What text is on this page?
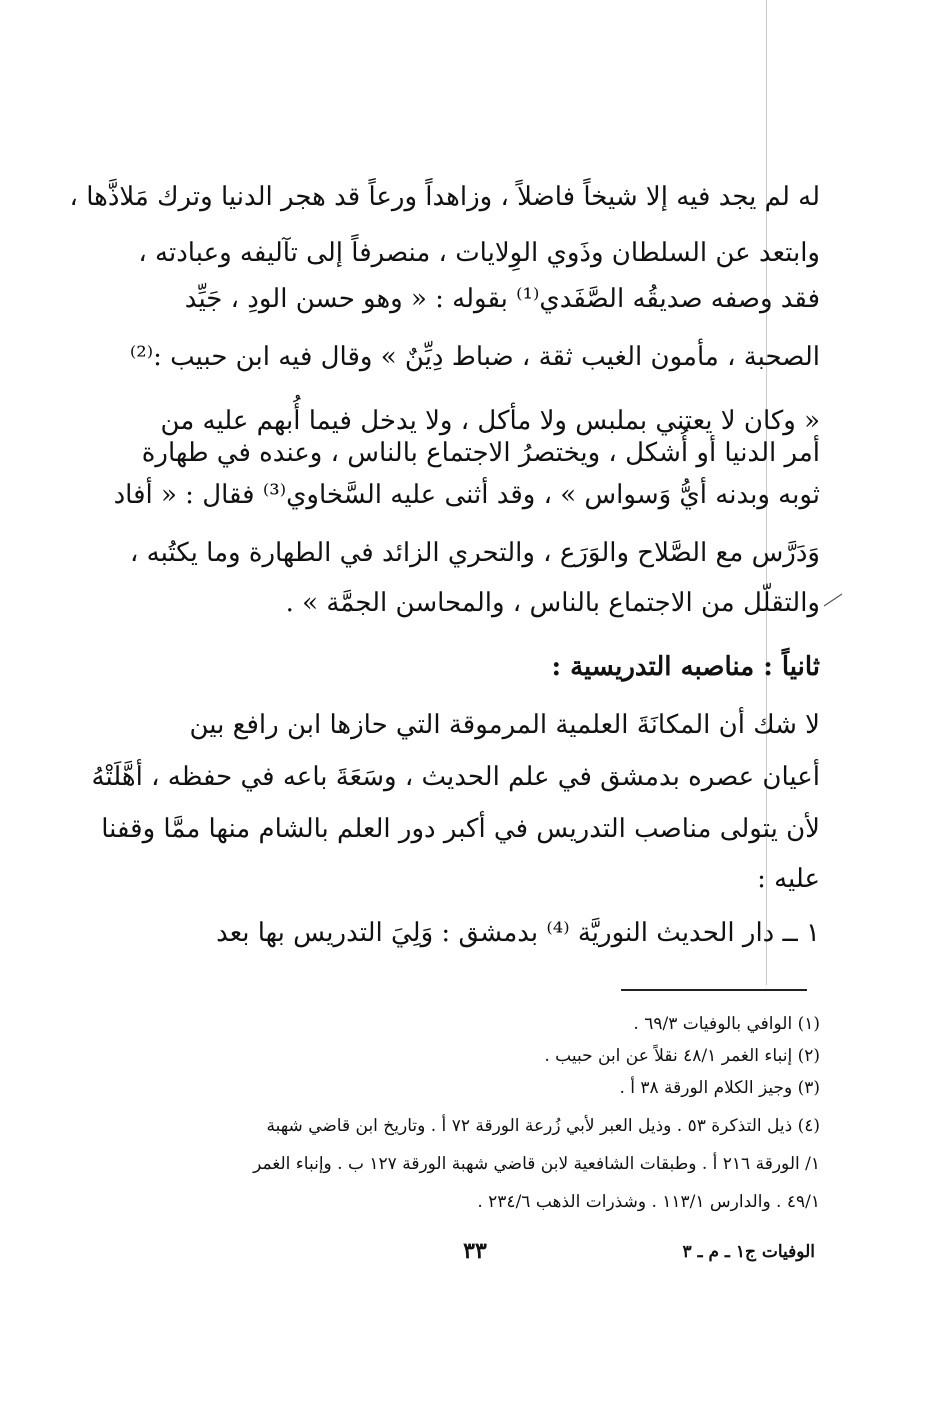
له لم يجد فيه إلا شيخاً فاضلاً ، وزاهداً ورعاً قد هجر الدنيا وترك مَلاذَّها ،
وابتعد عن السلطان وذَوي الوِلايات ، منصرفاً إلى تآليفه وعبادته ،
فقد وصفه صديقُه الصَّفَدي⁽¹⁾ بقوله : « وهو حسن الودِ ، جَيِّد
الصحبة ، مأمون الغيب ثقة ، ضباط دِيِّنٌ » وقال فيه ابن حبيب :⁽²⁾
« وكان لا يعتني بملبس ولا مأكل ، ولا يدخل فيما أُبهم عليه من
أمر الدنيا أو أُشكل ، ويختصرُ الاجتماع بالناس ، وعنده في طهارة
ثوبه وبدنه أيُّ وَسواس » ، وقد أثنى عليه السَّخاوي⁽³⁾ فقال : « أفاد
وَدَرَّس مع الصَّلاح والوَرَع ، والتحري الزائد في الطهارة وما يكتُبه ،
والتقلّل من الاجتماع بالناس ، والمحاسن الجمَّة » .
ثانياً : مناصبه التدريسية :
لا شك أن المكانَةَ العلمية المرموقة التي حازها ابن رافع بين
أعيان عصره بدمشق في علم الحديث ، وسَعَةَ باعه في حفظه ، أهَّلَتْهُ
لأن يتولى مناصب التدريس في أكبر دور العلم بالشام منها ممَّا وقفنا
عليه :
١ ــ دار الحديث النوريَّة ⁽⁴⁾ بدمشق : وَلِيَ التدريس بها بعد
(١) الوافي بالوفيات ٦٩/٣ .
(٢) إنباء الغمر ٤٨/١ نقلاً عن ابن حبيب .
(٣) وجيز الكلام الورقة ٣٨ أ .
(٤) ذيل التذكرة ٥٣ . وذيل العبر لأبي زُرعة الورقة ٧٢ أ . وتاريخ ابن قاضي شهبة
١/ الورقة ٢١٦ أ . وطبقات الشافعية لابن قاضي شهبة الورقة ١٢٧ ب . وإنباء الغمر
٤٩/١ . والدارس ١١٣/١ . وشذرات الذهب ٢٣٤/٦ .
الوفيات ج١ ـ م ـ ٣
٣٣
